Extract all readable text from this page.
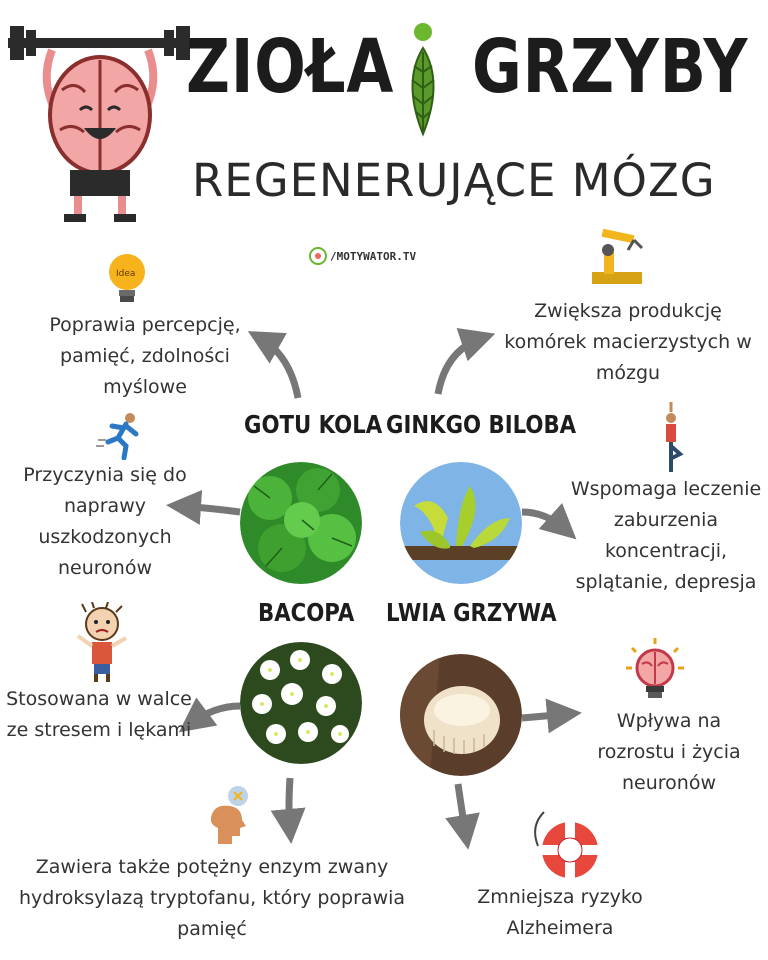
ZIOŁA GRZYBY
REGENERUJĄCE MÓZG
/MOTYWATOR.TV
Idea
Poprawia percepcję, pamięć, zdolności myślowe
Zwiększa produkcję komórek macierzystych w mózgu
Przyczynia się do naprawy uszkodzonych neuronów
Wspomaga leczenie zaburzenia koncentracji, splątanie, depresja
Stosowana w walce ze stresem i lękami	Wpływa na rozrostu i życia neuronów
Zawiera także potężny enzym zwany hydroksylazą tryptofanu, który poprawia pamięć
Zmniejsza ryzyko Alzheimera
GOTU KOLA GINKGO BILOBA
BACOPA LWIA GRZYWA
